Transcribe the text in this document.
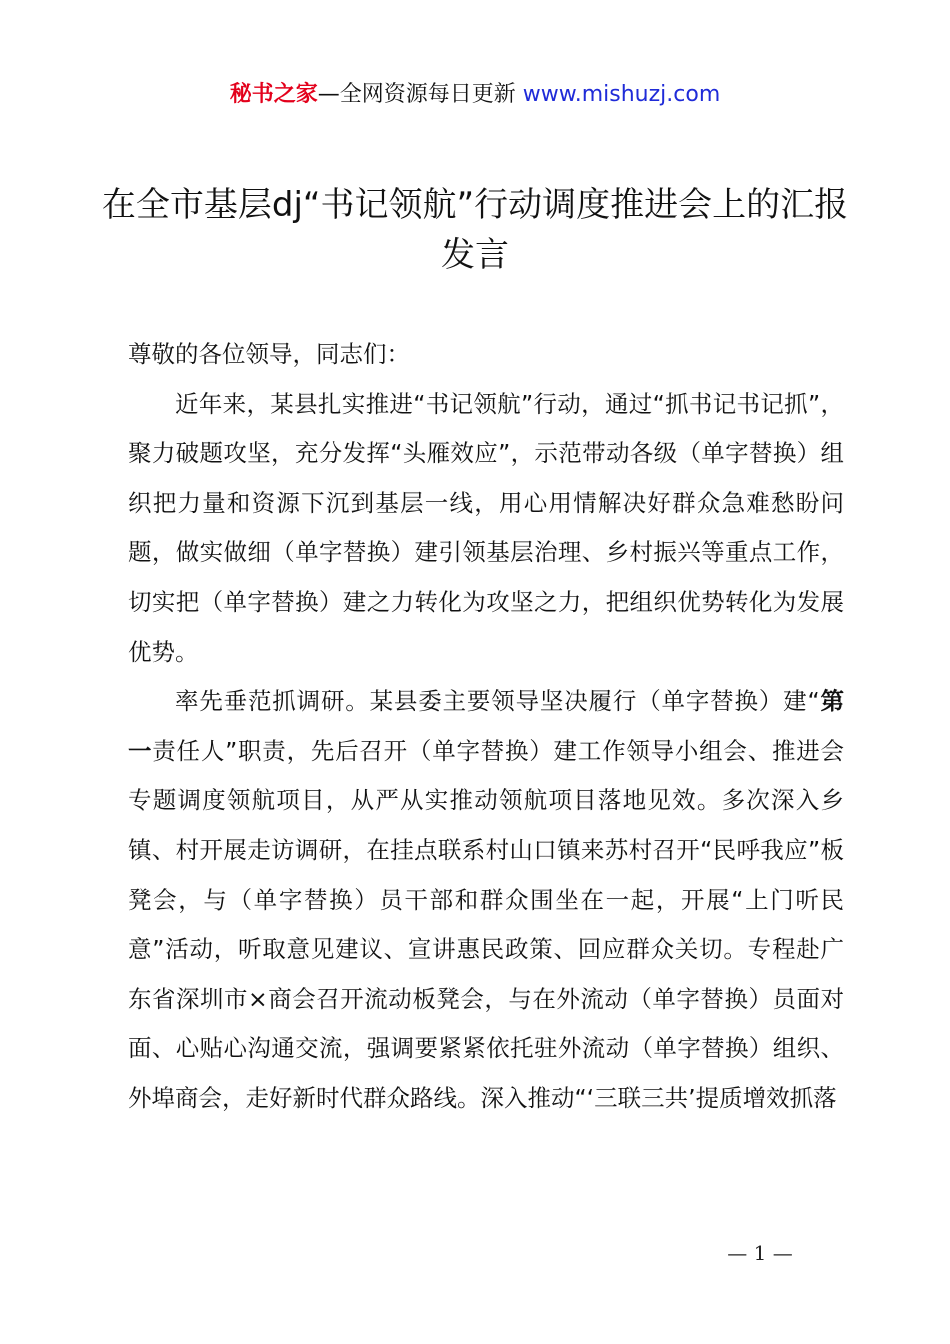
秘书之家—全网资源每日更新 www.mishuzj.com
在全市基层dj“书记领航”行动调度推进会上的汇报发言

尊敬的各位领导，同志们：

近年来，某县扎实推进“书记领航”行动，通过“抓书记书记抓”，聚力破题攻坚，充分发挥“头雁效应”，示范带动各级（单字替换）组织把力量和资源下沉到基层一线，用心用情解决好群众急难愁盼问题，做实做细（单字替换）建引领基层治理、乡村振兴等重点工作，切实把（单字替换）建之力转化为攻坚之力，把组织优势转化为发展优势。

率先垂范抓调研。某县委主要领导坚决履行（单字替换）建“第一责任人”职责，先后召开（单字替换）建工作领导小组会、推进会专题调度领航项目，从严从实推动领航项目落地见效。多次深入乡镇、村开展走访调研，在挂点联系村山口镇来苏村召开“民呼我应”板凳会，与（单字替换）员干部和群众围坐在一起，开展“上门听民意”活动，听取意见建议、宣讲惠民政策、回应群众关切。专程赴广东省深圳市×商会召开流动板凳会，与在外流动（单字替换）员面对面、心贴心沟通交流，强调要紧紧依托驻外流动（单字替换）组织、外埠商会，走好新时代群众路线。深入推动“‘三联三共’提质增效抓落

— 1 —
